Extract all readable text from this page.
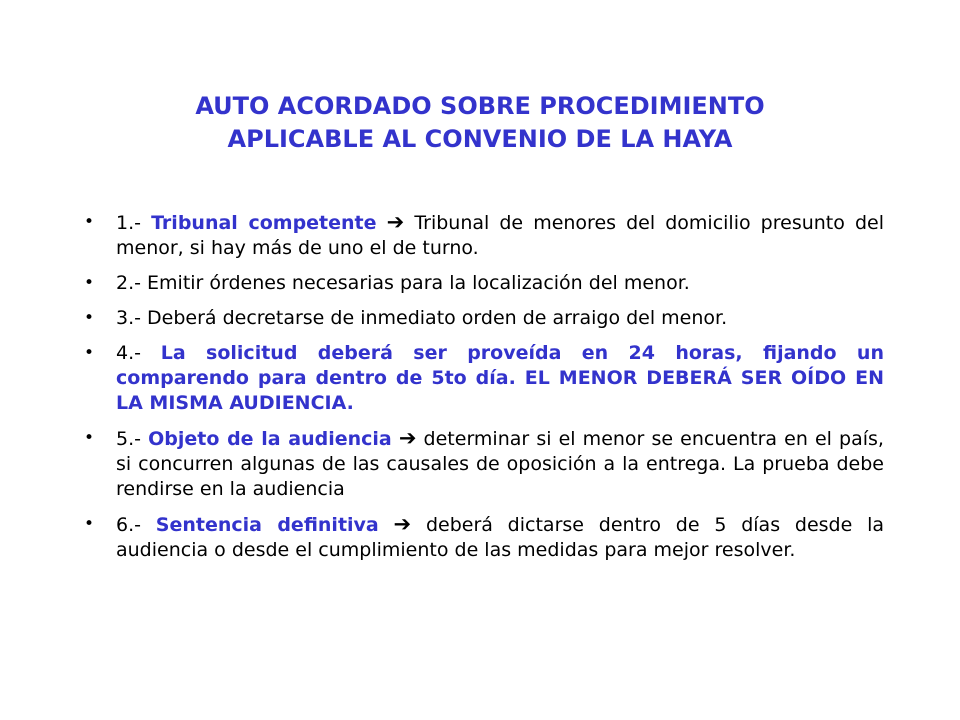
AUTO ACORDADO SOBRE PROCEDIMIENTO
APLICABLE AL CONVENIO DE LA HAYA
•	1.- Tribunal competente ➔ Tribunal de menores del domicilio presunto del menor, si hay más de uno el de turno.
•	2.- Emitir órdenes necesarias para la localización del menor.
•	3.- Deberá decretarse de inmediato orden de arraigo del menor.
•	4.- La solicitud deberá ser proveída en 24 horas, fijando un comparendo para dentro de 5to día. EL MENOR DEBERÁ SER OÍDO EN LA MISMA AUDIENCIA.
•	5.- Objeto de la audiencia ➔ determinar si el menor se encuentra en el país, si concurren algunas de las causales de oposición a la entrega. La prueba debe rendirse en la audiencia
•	6.- Sentencia definitiva ➔ deberá dictarse dentro de 5 días desde la audiencia o desde el cumplimiento de las medidas para mejor resolver.
